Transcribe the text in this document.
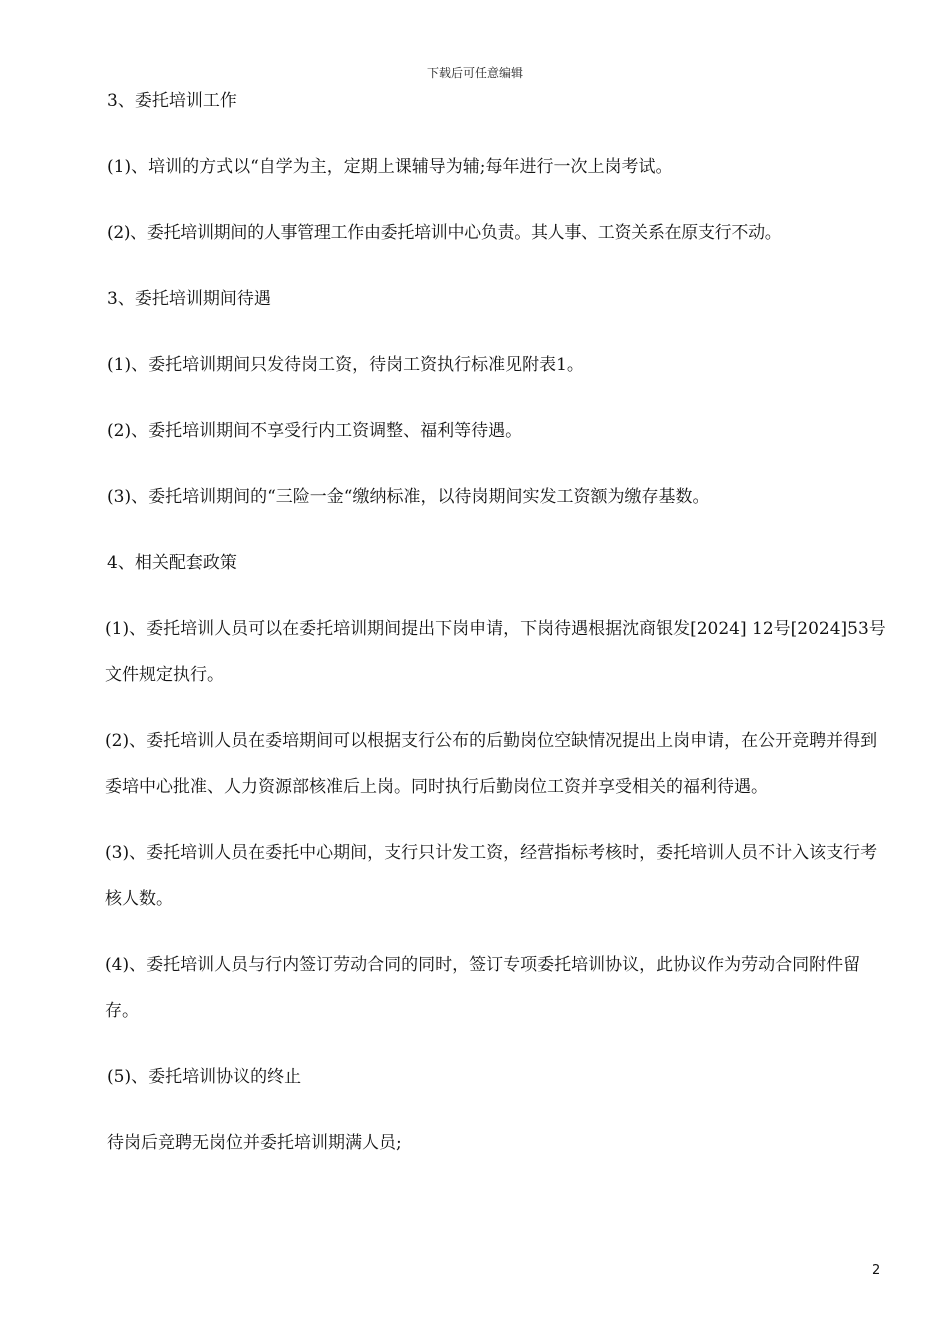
下载后可任意编辑

3、委托培训工作

(1)、培训的方式以“自学为主，定期上课辅导为辅;每年进行一次上岗考试。

(2)、委托培训期间的人事管理工作由委托培训中心负责。其人事、工资关系在原支行不动。

3、委托培训期间待遇

(1)、委托培训期间只发待岗工资，待岗工资执行标准见附表1。

(2)、委托培训期间不享受行内工资调整、福利等待遇。

(3)、委托培训期间的“三险一金“缴纳标准，以待岗期间实发工资额为缴存基数。

4、相关配套政策

(1)、委托培训人员可以在委托培训期间提出下岗申请，下岗待遇根据沈商银发[2024] 12号[2024]53号文件规定执行。

(2)、委托培训人员在委培期间可以根据支行公布的后勤岗位空缺情况提出上岗申请，在公开竞聘并得到委培中心批准、人力资源部核准后上岗。同时执行后勤岗位工资并享受相关的福利待遇。

(3)、委托培训人员在委托中心期间，支行只计发工资，经营指标考核时，委托培训人员不计入该支行考核人数。

(4)、委托培训人员与行内签订劳动合同的同时，签订专项委托培训协议，此协议作为劳动合同附件留存。

(5)、委托培训协议的终止

待岗后竞聘无岗位并委托培训期满人员;

2
